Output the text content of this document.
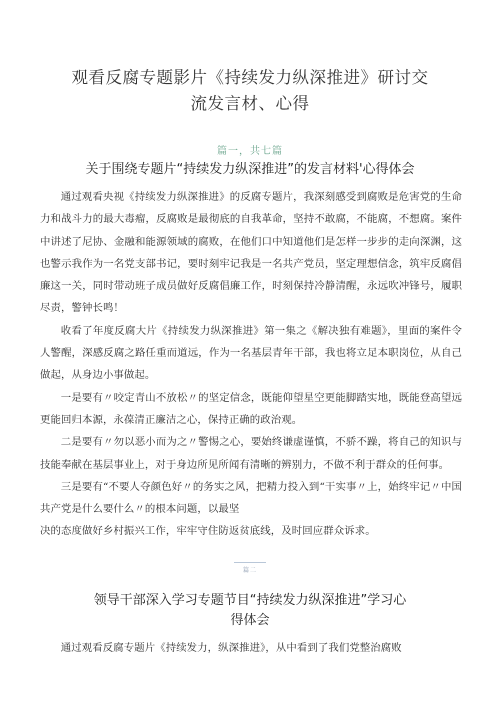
观看反腐专题影片《持续发力纵深推进》研讨交
流发言材、心得
篇一，共七篇
关于围绕专题片“持续发力纵深推进”的发言材料'心得体会

通过观看央视《持续发力纵深推进》的反腐专题片，我深刻感受到腐败是危害党的生命力和战斗力的最大毒瘤，反腐败是最彻底的自我革命，坚持不敢腐，不能腐，不想腐。案件中讲述了尼协、金融和能源领域的腐败，在他们口中知道他们是怎样一步步的走向深渊，这也警示我作为一名党支部书记，要时刻牢记我是一名共产党员，坚定理想信念，筑牢反腐倡廉这一关，同时带动班子成员做好反腐倡廉工作，时刻保持冷静清醒，永远吹冲锋号，履职尽责，警钟长鸣！

收看了年度反腐大片《持续发力纵深推进》第一集之《解决独有难题》，里面的案件令人警醒，深感反腐之路任重而道远，作为一名基层青年干部，我也将立足本职岗位，从自己做起，从身边小事做起。

一是要有〃咬定青山不放松〃的坚定信念，既能仰望星空更能脚踏实地，既能登高望远更能回归本源，永葆清正廉洁之心，保持正确的政治观。

二是要有〃勿以恶小而为之〃警惕之心，要始终谦虚谨慎，不骄不躁，将自己的知识与技能奉献在基层事业上，对于身边所见所闻有清晰的辨别力，不做不利于群众的任何事。

三是要有“不要人夺颜色好〃的务实之风，把精力投入到“干实事〃上，始终牢记〃中国共产党是什么要什么〃的根本问题，以最坚

决的态度做好乡村振兴工作，牢牢守住防返贫底线，及时回应群众诉求。

篇二
领导干部深入学习专题节目“持续发力纵深推进”学习心
得体会

通过观看反腐专题片《持续发力，纵深推进》，从中看到了我们党整治腐败
